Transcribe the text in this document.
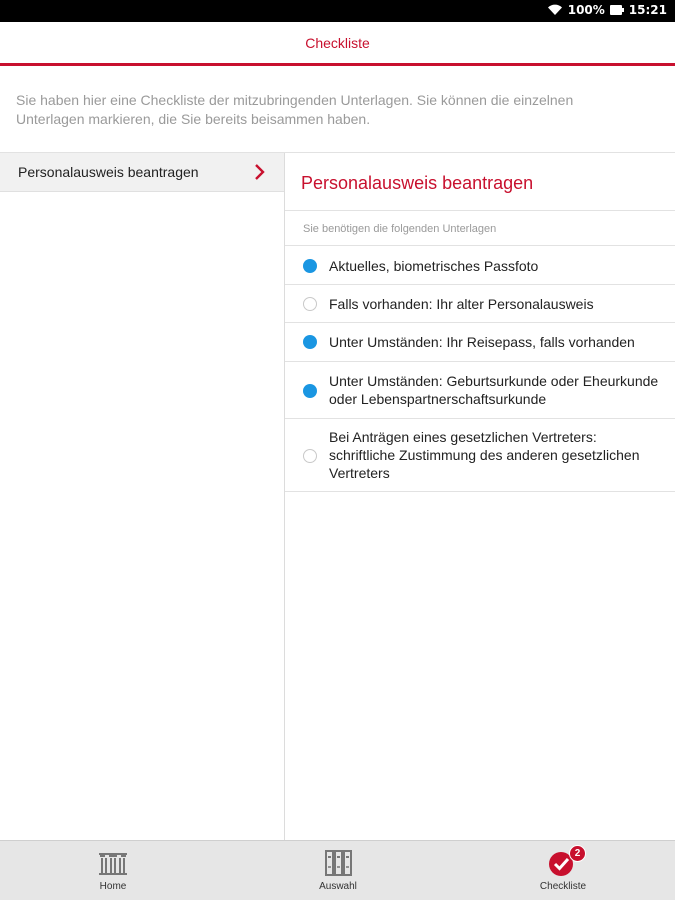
100% 15:21
Checkliste
Sie haben hier eine Checkliste der mitzubringenden Unterlagen. Sie können die einzelnen Unterlagen markieren, die Sie bereits beisammen haben.
Personalausweis beantragen
Personalausweis beantragen
Sie benötigen die folgenden Unterlagen
Aktuelles, biometrisches Passfoto
Falls vorhanden: Ihr alter Personalausweis
Unter Umständen: Ihr Reisepass, falls vorhanden
Unter Umständen: Geburtsurkunde oder Eheurkunde oder Lebenspartnerschaftsurkunde
Bei Anträgen eines gesetzlichen Vertreters: schriftliche Zustimmung des anderen gesetzlichen Vertreters
Home	Auswahl	Checkliste
2
